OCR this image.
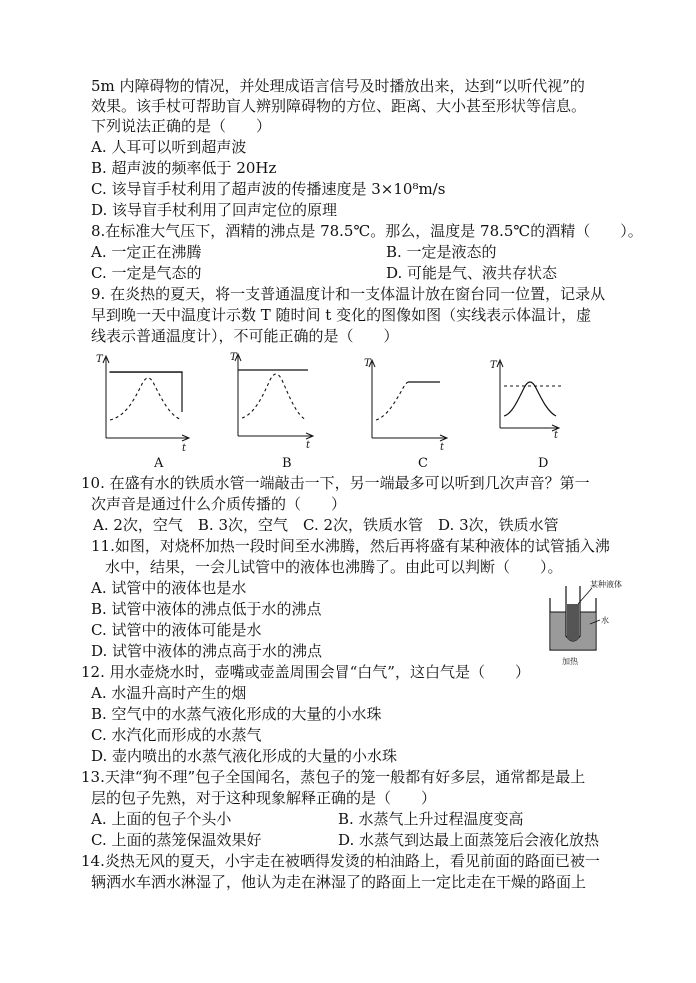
5m 内障碍物的情况，并处理成语言信号及时播放出来，达到“以听代视”的
效果。该手杖可帮助盲人辨别障碍物的方位、距离、大小甚至形状等信息。
下列说法正确的是（　　）
A. 人耳可以听到超声波
B. 超声波的频率低于 20Hz
C. 该导盲手杖利用了超声波的传播速度是 3×10⁸m/s
D. 该导盲手杖利用了回声定位的原理
8.在标准大气压下，酒精的沸点是 78.5℃。那么，温度是 78.5℃的酒精（　　）。
A. 一定正在沸腾	B. 一定是液态的
C. 一定是气态的	D. 可能是气、液共存状态
9. 在炎热的夏天，将一支普通温度计和一支体温计放在窗台同一位置，记录从
早到晚一天中温度计示数 T 随时间 t 变化的图像如图（实线表示体温计，虚
线表示普通温度计），不可能正确的是（　　）
T
t
A
T
t
B
T
t
C
T
t
D
10. 在盛有水的铁质水管一端敲击一下，另一端最多可以听到几次声音？第一
次声音是通过什么介质传播的（　　）
A. 2次，空气　B. 3次，空气　C. 2次，铁质水管　D. 3次，铁质水管
11.如图，对烧杯加热一段时间至水沸腾，然后再将盛有某种液体的试管插入沸
水中，结果，一会儿试管中的液体也沸腾了。由此可以判断（　　）。
A. 试管中的液体也是水
B. 试管中液体的沸点低于水的沸点
C. 试管中的液体可能是水
D. 试管中液体的沸点高于水的沸点
某种液体
水
加热
12. 用水壶烧水时，壶嘴或壶盖周围会冒“白气”，这白气是（　　）
A. 水温升高时产生的烟
B. 空气中的水蒸气液化形成的大量的小水珠
C. 水汽化而形成的水蒸气
D. 壶内喷出的水蒸气液化形成的大量的小水珠
13.天津“狗不理”包子全国闻名，蒸包子的笼一般都有好多层，通常都是最上
层的包子先熟，对于这种现象解释正确的是（　　）
A. 上面的包子个头小	B. 水蒸气上升过程温度变高
C. 上面的蒸笼保温效果好	D. 水蒸气到达最上面蒸笼后会液化放热
14.炎热无风的夏天，小宇走在被晒得发烫的柏油路上，看见前面的路面已被一
辆洒水车洒水淋湿了，他认为走在淋湿了的路面上一定比走在干燥的路面上
